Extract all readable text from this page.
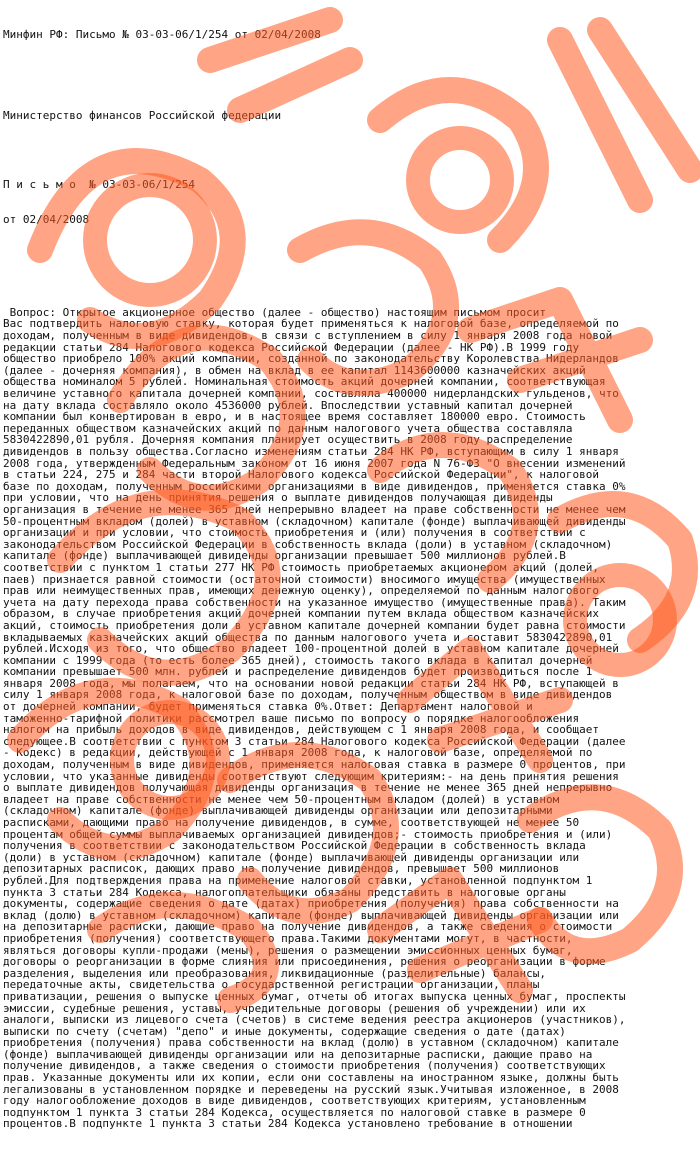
Минфин РФ: Письмо № 03-03-06/1/254 от 02/04/2008

Министерство финансов Российской федерации

П и с ь м о  № 03-03-06/1/254

от 02/04/2008

Вопрос: Открытое акционерное общество (далее - общество) настоящим письмом просит
Вас подтвердить налоговую ставку, которая будет применяться к налоговой базе, определяемой по
доходам, полученным в виде дивидендов, в связи с вступлением в силу 1 января 2008 года новой
редакции статьи 284 Налогового кодекса Российской Федерации (далее - НК РФ).В 1999 году
общество приобрело 100% акций компании, созданной по законодательству Королевства Нидерландов
(далее - дочерняя компания), в обмен на вклад в ее капитал 1143600000 казначейских акций
общества номиналом 5 рублей. Номинальная стоимость акций дочерней компании, соответствующая
величине уставного капитала дочерней компании, составляла 400000 нидерландских гульденов, что
на дату вклада составляло около 4536000 рублей. Впоследствии уставный капитал дочерней
компании был конвертирован в евро, и в настоящее время составляет 180000 евро. Стоимость
переданных обществом казначейских акций по данным налогового учета общества составляла
5830422890,01 рубля. Дочерняя компания планирует осуществить в 2008 году распределение
дивидендов в пользу общества.Согласно изменениям статьи 284 НК РФ, вступающим в силу 1 января
2008 года, утвержденным Федеральным законом от 16 июня 2007 года N 76-ФЗ "О внесении изменений
в статьи 224, 275 и 284 части второй Налогового кодекса Российской Федерации", к налоговой
базе по доходам, полученным российскими организациями в виде дивидендов, применяется ставка 0%
при условии, что на день принятия решения о выплате дивидендов получающая дивиденды
организация в течение не менее 365 дней непрерывно владеет на праве собственности не менее чем
50-процентным вкладом (долей) в уставном (складочном) капитале (фонде) выплачивающей дивиденды
организации и при условии, что стоимость приобретения и (или) получения в соответствии с
законодательством Российской Федерации в собственность вклада (доли) в уставном (складочном)
капитале (фонде) выплачивающей дивиденды организации превышает 500 миллионов рублей.В
соответствии с пунктом 1 статьи 277 НК РФ стоимость приобретаемых акционером акций (долей,
паев) признается равной стоимости (остаточной стоимости) вносимого имущества (имущественных
прав или неимущественных прав, имеющих денежную оценку), определяемой по данным налогового
учета на дату перехода права собственности на указанное имущество (имущественные права). Таким
образом, в случае приобретения акций дочерней компании путем вклада обществом казначейских
акций, стоимость приобретения доли в уставном капитале дочерней компании будет равна стоимости
вкладываемых казначейских акций общества по данным налогового учета и составит 5830422890,01
рублей.Исходя из того, что общество владеет 100-процентной долей в уставном капитале дочерней
компании с 1999 года (то есть более 365 дней), стоимость такого вклада в капитал дочерней
компании превышает 500 млн. рублей и распределение дивидендов будет производиться после 1
января 2008 года, мы полагаем, что на основании новой редакции статьи 284 НК РФ, вступающей в
силу 1 января 2008 года, к налоговой базе по доходам, полученным обществом в виде дивидендов
от дочерней компании, будет применяться ставка 0%.Ответ: Департамент налоговой и
таможенно-тарифной политики рассмотрел ваше письмо по вопросу о порядке налогообложения
налогом на прибыль доходов в виде дивидендов, действующем с 1 января 2008 года, и сообщает
следующее.В соответствии с пунктом 3 статьи 284 Налогового кодекса Российской Федерации (далее
- Кодекс) в редакции, действующей с 1 января 2008 года, к налоговой базе, определяемой по
доходам, полученным в виде дивидендов, применяется налоговая ставка в размере 0 процентов, при
условии, что указанные дивиденды соответствуют следующим критериям:- на день принятия решения
о выплате дивидендов получающая дивиденды организация в течение не менее 365 дней непрерывно
владеет на праве собственности не менее чем 50-процентным вкладом (долей) в уставном
(складочном) капитале (фонде) выплачивающей дивиденды организации или депозитарными
расписками, дающими право на получение дивидендов, в сумме, соответствующей не менее 50
процентам общей суммы выплачиваемых организацией дивидендов;- стоимость приобретения и (или)
получения в соответствии с законодательством Российской Федерации в собственность вклада
(доли) в уставном (складочном) капитале (фонде) выплачивающей дивиденды организации или
депозитарных расписок, дающих право на получение дивидендов, превышает 500 миллионов
рублей.Для подтверждения права на применение налоговой ставки, установленной подпунктом 1
пункта 3 статьи 284 Кодекса, налогоплательщики обязаны представить в налоговые органы
документы, содержащие сведения о дате (датах) приобретения (получения) права собственности на
вклад (долю) в уставном (складочном) капитале (фонде) выплачивающей дивиденды организации или
на депозитарные расписки, дающие право на получение дивидендов, а также сведения о стоимости
приобретения (получения) соответствующего права.Такими документами могут, в частности,
являться договоры купли-продажи (мены), решения о размещении эмиссионных ценных бумаг,
договоры о реорганизации в форме слияния или присоединения, решения о реорганизации в форме
разделения, выделения или преобразования, ликвидационные (разделительные) балансы,
передаточные акты, свидетельства о государственной регистрации организации, планы
приватизации, решения о выпуске ценных бумаг, отчеты об итогах выпуска ценных бумаг, проспекты
эмиссии, судебные решения, уставы, учредительные договоры (решения об учреждении) или их
аналоги, выписки из лицевого счета (счетов) в системе ведения реестра акционеров (участников),
выписки по счету (счетам) "депо" и иные документы, содержащие сведения о дате (датах)
приобретения (получения) права собственности на вклад (долю) в уставном (складочном) капитале
(фонде) выплачивающей дивиденды организации или на депозитарные расписки, дающие право на
получение дивидендов, а также сведения о стоимости приобретения (получения) соответствующих
прав. Указанные документы или их копии, если они составлены на иностранном языке, должны быть
легализованы в установленном порядке и переведены на русский язык.Учитывая изложенное, в 2008
году налогообложение доходов в виде дивидендов, соответствующих критериям, установленным
подпунктом 1 пункта 3 статьи 284 Кодекса, осуществляется по налоговой ставке в размере 0
процентов.В подпункте 1 пункта 3 статьи 284 Кодекса установлено требование в отношении
